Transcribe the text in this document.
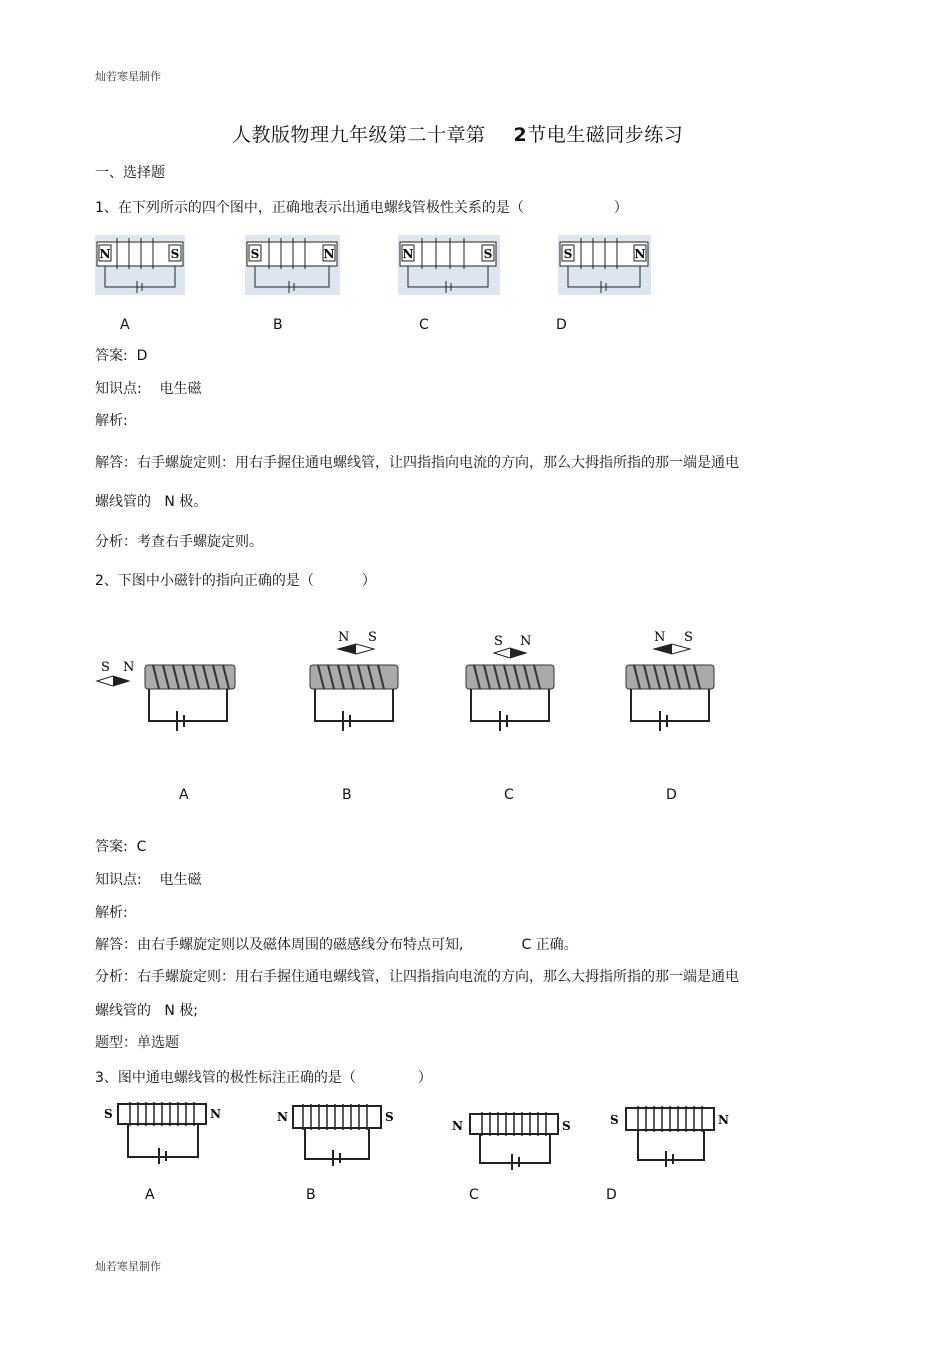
灿若寒星制作
人教版物理九年级第二十章第 2节电生磁同步练习
一、选择题
1、在下列所示的四个图中，正确地表示出通电螺线管极性关系的是（	）
N	S	S	N	N	S	S	N
A	B	C	D
答案: D
知识点: 电生磁
解析:
解答：右手螺旋定则：用右手握住通电螺线管，让四指指向电流的方向，那么大拇指所指的那一端是通电
螺线管的 N 极。
分析：考查右手螺旋定则。
2、下图中小磁针的指向正确的是（	）
S N
N S	S N	N S
A	B	C	D
答案: C
知识点: 电生磁
解析:
解答：由右手螺旋定则以及磁体周围的磁感线分布特点可知,	C 正确。
分析：右手螺旋定则：用右手握住通电螺线管，让四指指向电流的方向，那么大拇指所指的那一端是通电
螺线管的 N 极;
题型：单选题
3、图中通电螺线管的极性标注正确的是（	）
S	N	N	S
N	S	S	N
A	B	C	D
灿若寒星制作
